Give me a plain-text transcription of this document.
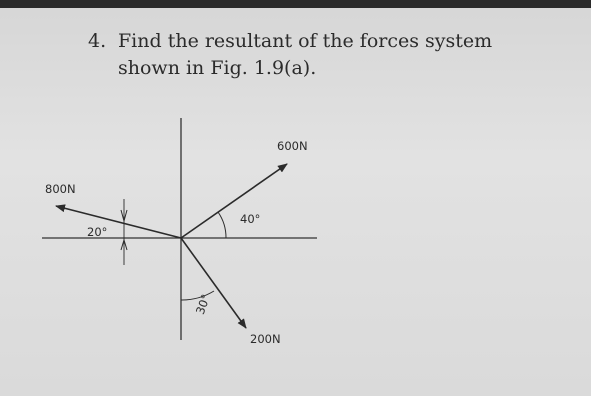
4. Find the resultant of the forces system
shown in Fig. 1.9(a).
600N
40°
800N
20°
200N
30°
